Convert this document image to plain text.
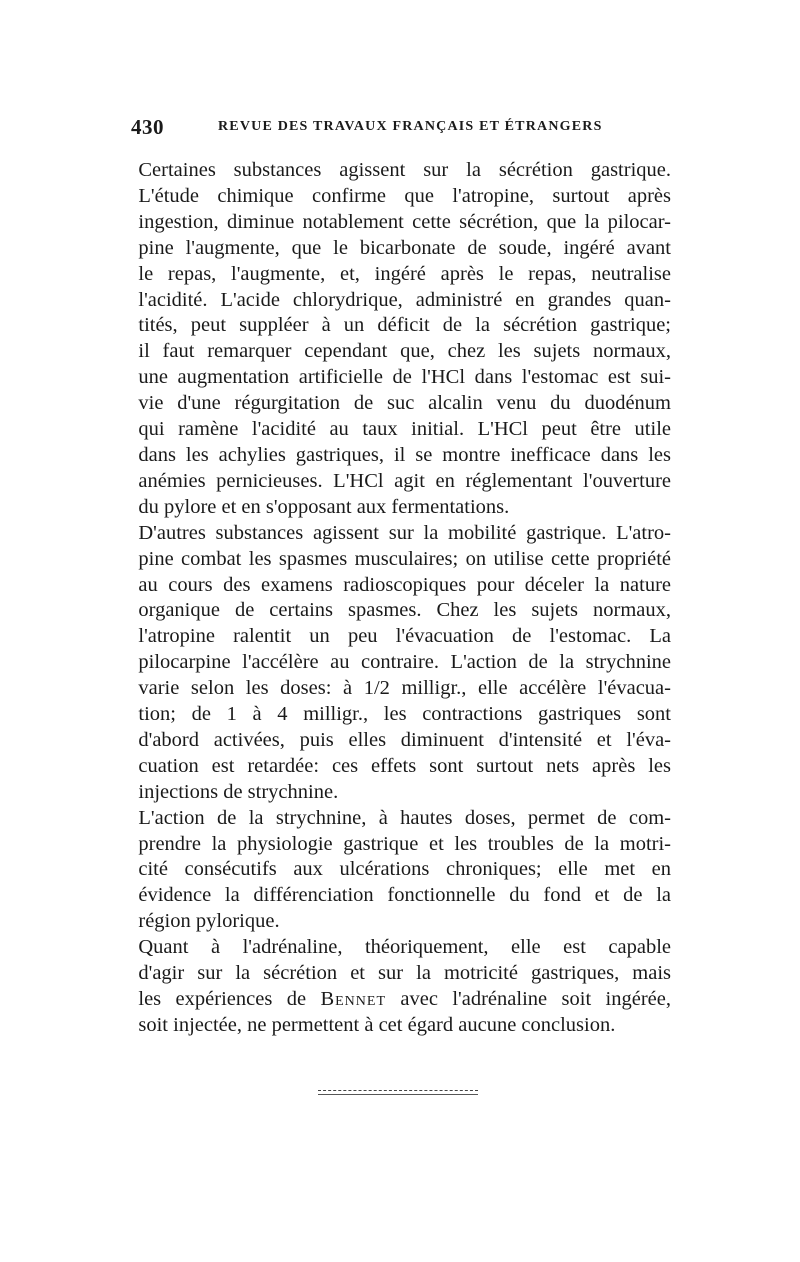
430	REVUE DES TRAVAUX FRANÇAIS ET ÉTRANGERS

Certaines substances agissent sur la sécrétion gastrique.
L'étude chimique confirme que l'atropine, surtout après
ingestion, diminue notablement cette sécrétion, que la pilocar-
pine l'augmente, que le bicarbonate de soude, ingéré avant
le repas, l'augmente, et, ingéré après le repas, neutralise
l'acidité. L'acide chlorydrique, administré en grandes quan-
tités, peut suppléer à un déficit de la sécrétion gastrique;
il faut remarquer cependant que, chez les sujets normaux,
une augmentation artificielle de l'HCl dans l'estomac est sui-
vie d'une régurgitation de suc alcalin venu du duodénum
qui ramène l'acidité au taux initial. L'HCl peut être utile
dans les achylies gastriques, il se montre inefficace dans les
anémies pernicieuses. L'HCl agit en réglementant l'ouverture
du pylore et en s'opposant aux fermentations.

D'autres substances agissent sur la mobilité gastrique. L'atro-
pine combat les spasmes musculaires; on utilise cette propriété
au cours des examens radioscopiques pour déceler la nature
organique de certains spasmes. Chez les sujets normaux,
l'atropine ralentit un peu l'évacuation de l'estomac. La
pilocarpine l'accélère au contraire. L'action de la strychnine
varie selon les doses: à 1/2 milligr., elle accélère l'évacua-
tion; de 1 à 4 milligr., les contractions gastriques sont
d'abord activées, puis elles diminuent d'intensité et l'éva-
cuation est retardée: ces effets sont surtout nets après les
injections de strychnine.

L'action de la strychnine, à hautes doses, permet de com-
prendre la physiologie gastrique et les troubles de la motri-
cité consécutifs aux ulcérations chroniques; elle met en
évidence la différenciation fonctionnelle du fond et de la
région pylorique.

Quant à l'adrénaline, théoriquement, elle est capable
d'agir sur la sécrétion et sur la motricité gastriques, mais
les expériences de Bennet avec l'adrénaline soit ingérée,
soit injectée, ne permettent à cet égard aucune conclusion.
